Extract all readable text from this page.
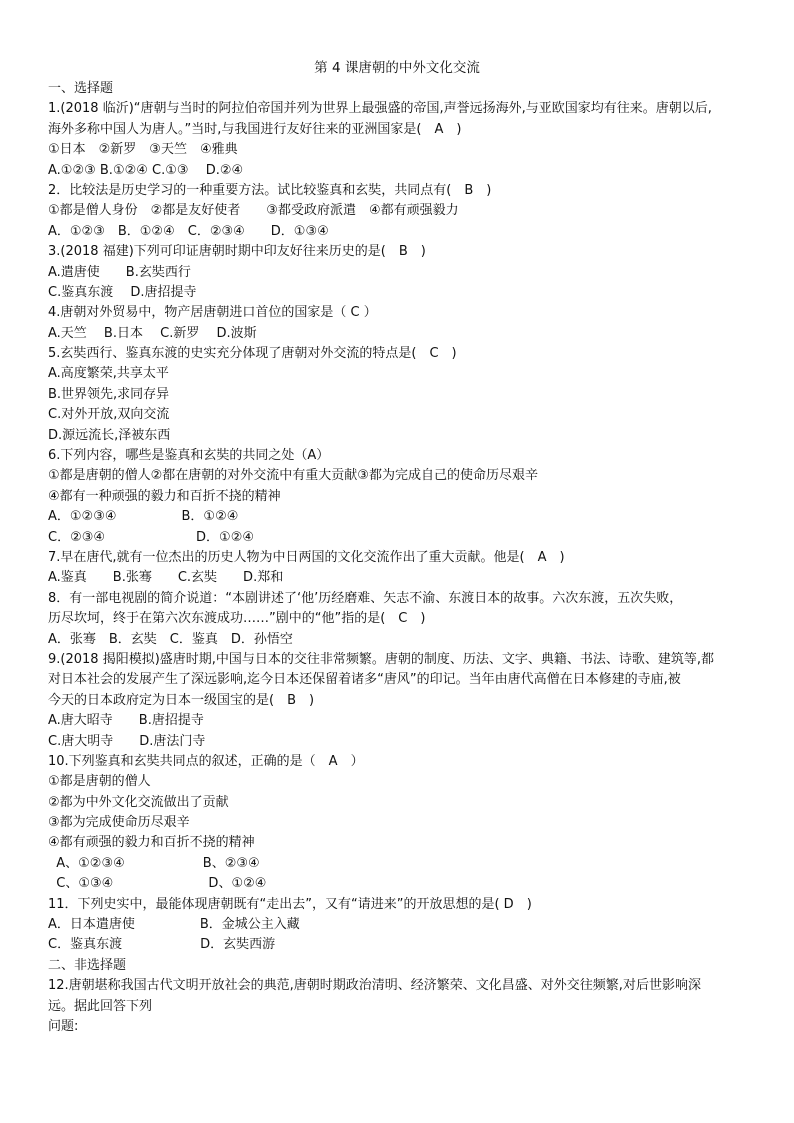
第 4 课唐朝的中外文化交流
一、选择题
1.(2018 临沂)“唐朝与当时的阿拉伯帝国并列为世界上最强盛的帝国,声誉远扬海外,与亚欧国家均有往来。唐朝以后,
海外多称中国人为唐人。”当时,与我国进行友好往来的亚洲国家是(　A　)
①日本　②新罗　③天竺　④雅典
A.①②③ B.①②④ C.①③　 D.②④
2．比较法是历史学习的一种重要方法。试比较鉴真和玄奘，共同点有(　B　)
①都是僧人身份　②都是友好使者　　③都受政府派遣　④都有顽强毅力
A．①②③　B．①②④　C．②③④　　D．①③④
3.(2018 福建)下列可印证唐朝时期中印友好往来历史的是(　B　)
A.遣唐使　　B.玄奘西行
C.鉴真东渡　 D.唐招提寺
4.唐朝对外贸易中，物产居唐朝进口首位的国家是（ C ）
A.天竺　 B.日本　 C.新罗　 D.波斯
5.玄奘西行、鉴真东渡的史实充分体现了唐朝对外交流的特点是(　C　)
A.高度繁荣,共享太平
B.世界领先,求同存异
C.对外开放,双向交流
D.源远流长,泽被东西
6.下列内容，哪些是鉴真和玄奘的共同之处（A）
①都是唐朝的僧人②都在唐朝的对外交流中有重大贡献③都为完成自己的使命历尽艰辛
④都有一种顽强的毅力和百折不挠的精神
A．①②③④　　　　　B．①②④
C．②③④　　　　　　　D．①②④
7.早在唐代,就有一位杰出的历史人物为中日两国的文化交流作出了重大贡献。他是(　A　)
A.鉴真　　B.张骞　　C.玄奘　　D.郑和
8．有一部电视剧的简介说道：“本剧讲述了‘他’历经磨难、矢志不渝、东渡日本的故事。六次东渡，五次失败，
历尽坎坷，终于在第六次东渡成功……”剧中的“他”指的是(　C　)
A．张骞　B．玄奘　C．鉴真　D．孙悟空
9.(2018 揭阳模拟)盛唐时期,中国与日本的交往非常频繁。唐朝的制度、历法、文字、典籍、书法、诗歌、建筑等,都
对日本社会的发展产生了深远影响,迄今日本还保留着诸多“唐风”的印记。当年由唐代高僧在日本修建的寺庙,被
今天的日本政府定为日本一级国宝的是(　B　)
A.唐大昭寺　　B.唐招提寺
C.唐大明寺　　D.唐法门寺
10.下列鉴真和玄奘共同点的叙述，正确的是（　A　）
①都是唐朝的僧人
②都为中外文化交流做出了贡献
③都为完成使命历尽艰辛
④都有顽强的毅力和百折不挠的精神
A、①②③④　　　　　　B、②③④
C、①③④　　　　　　　 D、①②④
11．下列史实中，最能体现唐朝既有“走出去”，又有“请进来”的开放思想的是( D　)
A．日本遣唐使　　　　　B．金城公主入藏
C．鉴真东渡　　　　　　D．玄奘西游
二、非选择题
12.唐朝堪称我国古代文明开放社会的典范,唐朝时期政治清明、经济繁荣、文化昌盛、对外交往频繁,对后世影响深
远。据此回答下列
问题:
